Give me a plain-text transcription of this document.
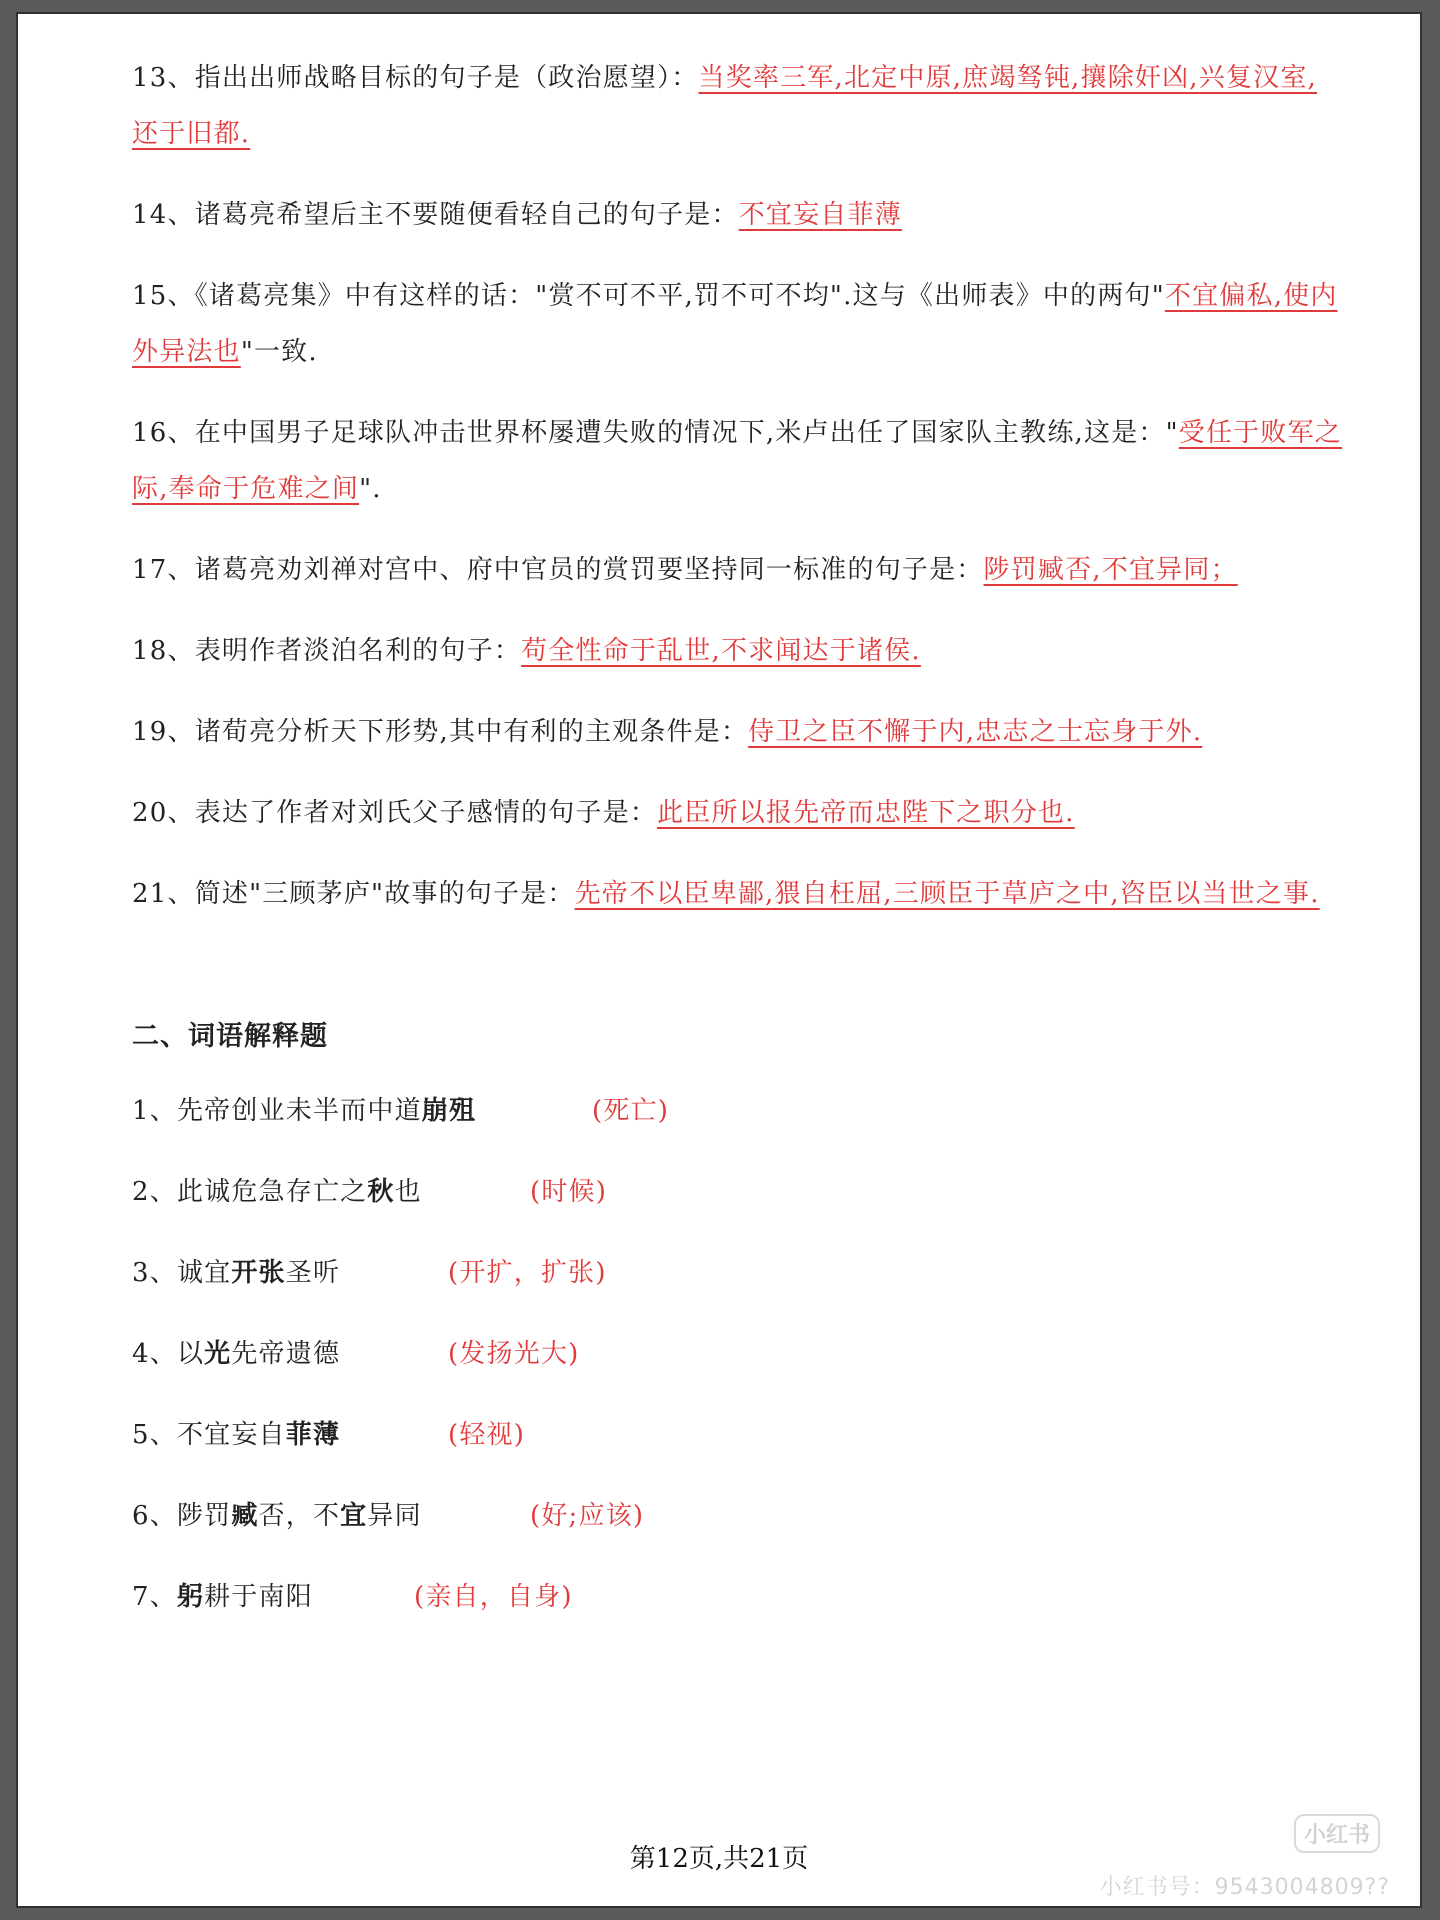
13、指出出师战略目标的句子是（政治愿望）：当奖率三军,北定中原,庶竭驽钝,攘除奸凶,兴复汉室,还于旧都.
14、诸葛亮希望后主不要随便看轻自己的句子是：不宜妄自菲薄
15、《诸葛亮集》中有这样的话："赏不可不平,罚不可不均".这与《出师表》中的两句"不宜偏私,使内外异法也"一致.
16、在中国男子足球队冲击世界杯屡遭失败的情况下,米卢出任了国家队主教练,这是："受任于败军之际,奉命于危难之间".
17、诸葛亮劝刘禅对宫中、府中官员的赏罚要坚持同一标准的句子是：陟罚臧否,不宜异同；
18、表明作者淡泊名利的句子：苟全性命于乱世,不求闻达于诸侯.
19、诸荀亮分析天下形势,其中有利的主观条件是：侍卫之臣不懈于内,忠志之士忘身于外.
20、表达了作者对刘氏父子感情的句子是：此臣所以报先帝而忠陛下之职分也.
21、简述"三顾茅庐"故事的句子是：先帝不以臣卑鄙,猥自枉屈,三顾臣于草庐之中,咨臣以当世之事.
二、词语解释题
1、先帝创业未半而中道崩殂	(死亡)
2、此诚危急存亡之秋也	(时候)
3、诚宜开张圣听	(开扩，扩张)
4、以光先帝遗德	(发扬光大)
5、不宜妄自菲薄	(轻视)
6、陟罚臧否，不宜异同	(好;应该)
7、躬耕于南阳	(亲自，自身)
第12页,共21页
小红书
小红书号：9543004809??
